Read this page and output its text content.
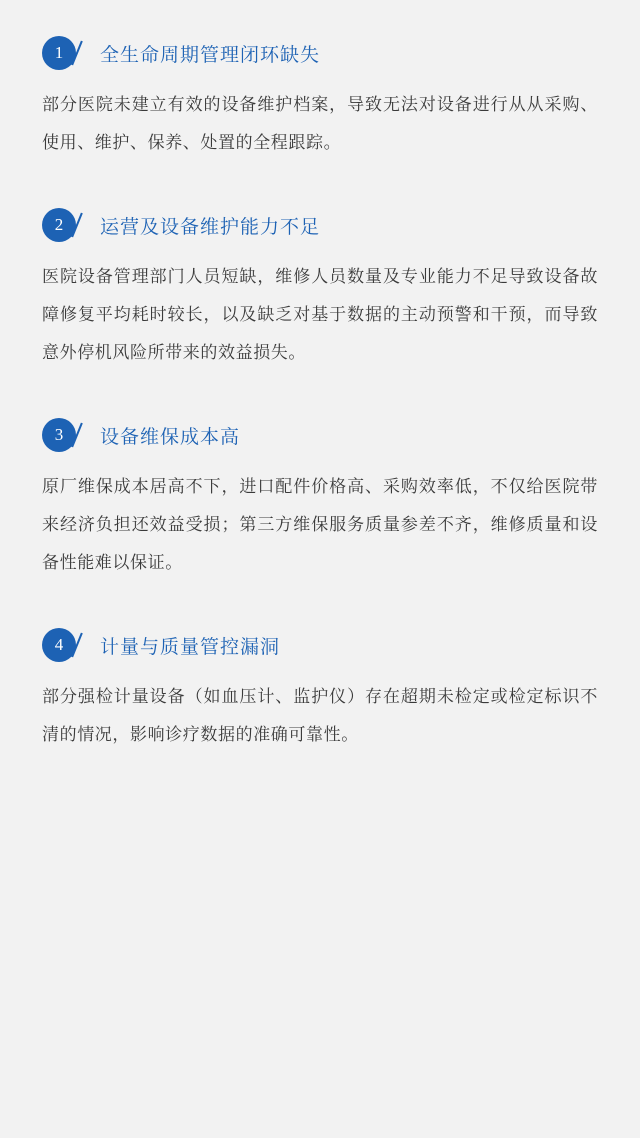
1	全生命周期管理闭环缺失
部分医院未建立有效的设备维护档案，导致无法对设备进行从从采购、使用、维护、保养、处置的全程跟踪。
2	运营及设备维护能力不足
医院设备管理部门人员短缺，维修人员数量及专业能力不足导致设备故障修复平均耗时较长，以及缺乏对基于数据的主动预警和干预，而导致意外停机风险所带来的效益损失。
3	设备维保成本高
原厂维保成本居高不下，进口配件价格高、采购效率低，不仅给医院带来经济负担还效益受损；第三方维保服务质量参差不齐，维修质量和设备性能难以保证。
4	计量与质量管控漏洞
部分强检计量设备（如血压计、监护仪）存在超期未检定或检定标识不清的情况，影响诊疗数据的准确可靠性。
